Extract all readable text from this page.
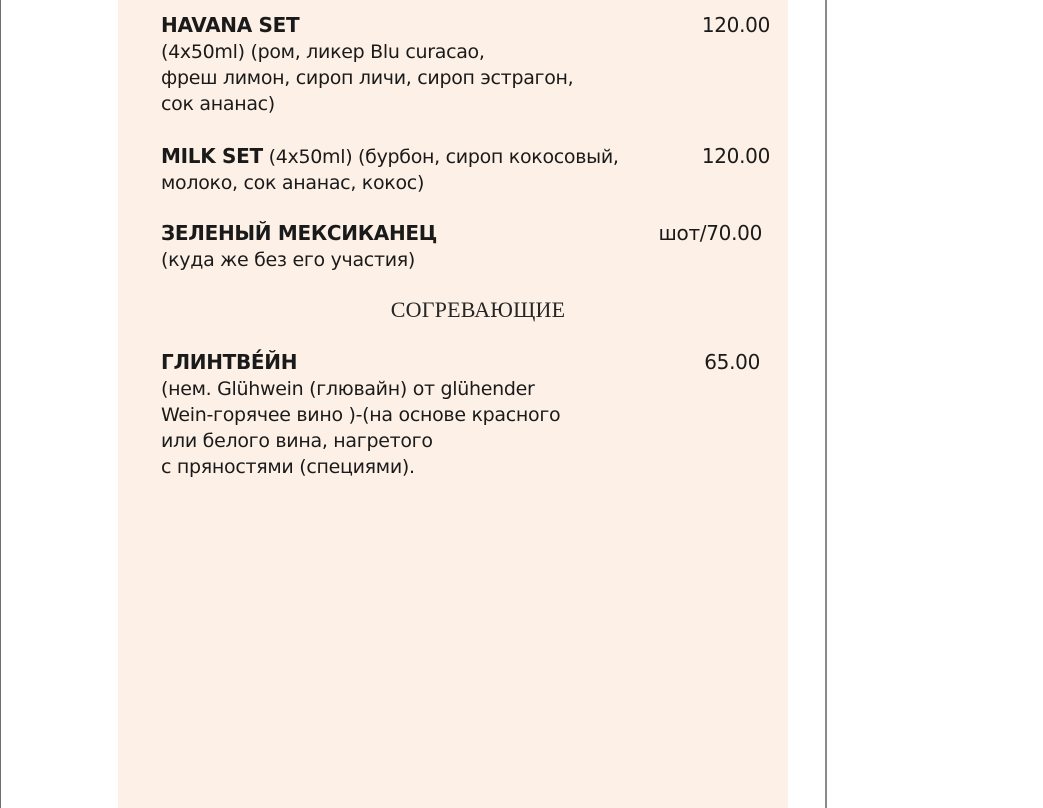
HAVANA SET
(4x50ml) (ром, ликер Blu curacao,
фреш лимон, сироп личи, сироп эстрагон,
сок ананас)
120.00
MILK SET (4x50ml) (бурбон, сироп кокосовый,
молоко, сок ананас, кокос)
120.00
ЗЕЛЕНЫЙ МЕКСИКАНЕЦ
(куда же без его участия)
шот/70.00
СОГРЕВАЮЩИЕ
ГЛИНТВЕ́ЙН
(нем. Glühwein (глювайн) от glühender
Wein-горячее вино )-(на основе красного
или белого вина, нагретого
с пряностями (специями).
65.00
